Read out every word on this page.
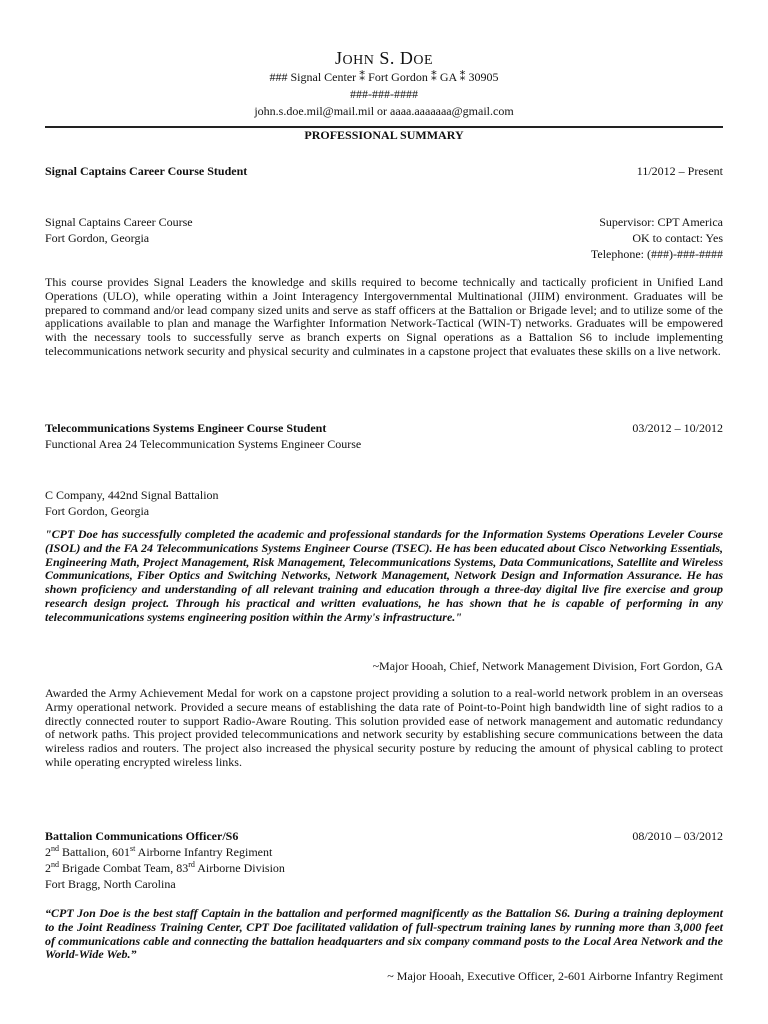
JOHN S. DOE
### Signal Center ⁑ Fort Gordon ⁑ GA ⁑ 30905
###-###-####
john.s.doe.mil@mail.mil or aaaa.aaaaaaa@gmail.com
PROFESSIONAL SUMMARY
Signal Captains Career Course Student	11/2012 – Present
Signal Captains Career Course
Fort Gordon, Georgia
Supervisor: CPT America
OK to contact: Yes
Telephone: (###)-###-####
This course provides Signal Leaders the knowledge and skills required to become technically and tactically proficient in Unified Land Operations (ULO), while operating within a Joint Interagency Intergovernmental Multinational (JIIM) environment. Graduates will be prepared to command and/or lead company sized units and serve as staff officers at the Battalion or Brigade level; and to utilize some of the applications available to plan and manage the Warfighter Information Network-Tactical (WIN-T) networks. Graduates will be empowered with the necessary tools to successfully serve as branch experts on Signal operations as a Battalion S6 to include implementing telecommunications network security and physical security and culminates in a capstone project that evaluates these skills on a live network.
Telecommunications Systems Engineer Course Student	03/2012 – 10/2012
Functional Area 24 Telecommunication Systems Engineer Course
C Company, 442nd Signal Battalion
Fort Gordon, Georgia
"CPT Doe has successfully completed the academic and professional standards for the Information Systems Operations Leveler Course (ISOL) and the FA 24 Telecommunications Systems Engineer Course (TSEC). He has been educated about Cisco Networking Essentials, Engineering Math, Project Management, Risk Management, Telecommunications Systems, Data Communications, Satellite and Wireless Communications, Fiber Optics and Switching Networks, Network Management, Network Design and Information Assurance. He has shown proficiency and understanding of all relevant training and education through a three-day digital live fire exercise and group research design project. Through his practical and written evaluations, he has shown that he is capable of performing in any telecommunications systems engineering position within the Army's infrastructure."
~Major Hooah, Chief, Network Management Division, Fort Gordon, GA
Awarded the Army Achievement Medal for work on a capstone project providing a solution to a real-world network problem in an overseas Army operational network. Provided a secure means of establishing the data rate of Point-to-Point high bandwidth line of sight radios to a directly connected router to support Radio-Aware Routing. This solution provided ease of network management and automatic redundancy of network paths. This project provided telecommunications and network security by establishing secure communications between the data wireless radios and routers. The project also increased the physical security posture by reducing the amount of physical cabling to protect while operating encrypted wireless links.
Battalion Communications Officer/S6	08/2010 – 03/2012
2nd Battalion, 601st Airborne Infantry Regiment
2nd Brigade Combat Team, 83rd Airborne Division
Fort Bragg, North Carolina
“CPT Jon Doe is the best staff Captain in the battalion and performed magnificently as the Battalion S6. During a training deployment to the Joint Readiness Training Center, CPT Doe facilitated validation of full-spectrum training lanes by running more than 3,000 feet of communications cable and connecting the battalion headquarters and six company command posts to the Local Area Network and the World-Wide Web.”
~ Major Hooah, Executive Officer, 2-601 Airborne Infantry Regiment
